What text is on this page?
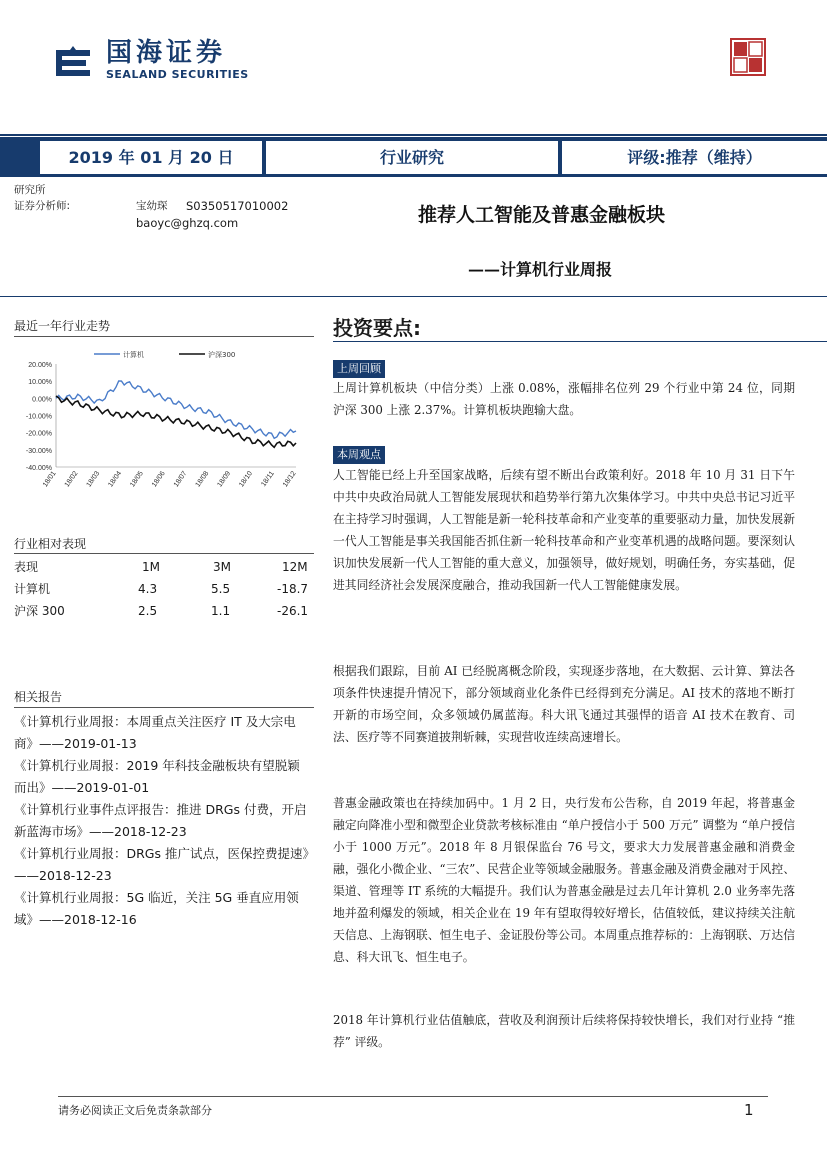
国海证券
SEALAND SECURITIES
2019 年 01 月 20 日	行业研究	评级:推荐（维持）
研究所
证券分析师:	宝幼琛 S0350517010002
baoyc@ghzq.com	推荐人工智能及普惠金融板块
——计算机行业周报
最近一年行业走势
20.00%
10.00%
0.00%
-10.00%
-20.00%
-30.00%
-40.00%
18/01 18/02 18/03 18/04 18/05 18/06 18/07 18/08 18/09 18/10 18/11 18/12
计算机	沪深300
行业相对表现
表现	1M	3M	12M
计算机	4.3	5.5	-18.7
沪深 300	2.5	1.1	-26.1
相关报告
《计算机行业周报：本周重点关注医疗 IT 及大宗电商》——2019-01-13
《计算机行业周报：2019 年科技金融板块有望脱颖而出》——2019-01-01
《计算机行业事件点评报告：推进 DRGs 付费，开启新蓝海市场》——2018-12-23
《计算机行业周报：DRGs 推广试点，医保控费提速》——2018-12-23
《计算机行业周报：5G 临近，关注 5G 垂直应用领域》——2018-12-16
投资要点:
上周回顾
上周计算机板块（中信分类）上涨 0.08%，涨幅排名位列 29 个行业中第 24 位，同期沪深 300 上涨 2.37%。计算机板块跑输大盘。
本周观点
人工智能已经上升至国家战略，后续有望不断出台政策利好。2018 年 10 月 31 日下午中共中央政治局就人工智能发展现状和趋势举行第九次集体学习。中共中央总书记习近平在主持学习时强调，人工智能是新一轮科技革命和产业变革的重要驱动力量，加快发展新一代人工智能是事关我国能否抓住新一轮科技革命和产业变革机遇的战略问题。要深刻认识加快发展新一代人工智能的重大意义，加强领导，做好规划，明确任务，夯实基础，促进其同经济社会发展深度融合，推动我国新一代人工智能健康发展。
根据我们跟踪，目前 AI 已经脱离概念阶段，实现逐步落地，在大数据、云计算、算法各项条件快速提升情况下，部分领域商业化条件已经得到充分满足。AI 技术的落地不断打开新的市场空间，众多领域仍属蓝海。科大讯飞通过其强悍的语音 AI 技术在教育、司法、医疗等不同赛道披荆斩棘，实现营收连续高速增长。
普惠金融政策也在持续加码中。1 月 2 日，央行发布公告称，自 2019 年起，将普惠金融定向降准小型和微型企业贷款考核标准由 “单户授信小于 500 万元” 调整为 “单户授信小于 1000 万元”。2018 年 8 月银保监台 76 号文，要求大力发展普惠金融和消费金融，强化小微企业、“三农”、民营企业等领域金融服务。普惠金融及消费金融对于风控、渠道、管理等 IT 系统的大幅提升。我们认为普惠金融是过去几年计算机 2.0 业务率先落地并盈利爆发的领域，相关企业在 19 年有望取得较好增长，估值较低，建议持续关注航天信息、上海钢联、恒生电子、金证股份等公司。本周重点推荐标的：上海钢联、万达信息、科大讯飞、恒生电子。
2018 年计算机行业估值触底，营收及利润预计后续将保持较快增长，我们对行业持 “推荐” 评级。
请务必阅读正文后免责条款部分	1
